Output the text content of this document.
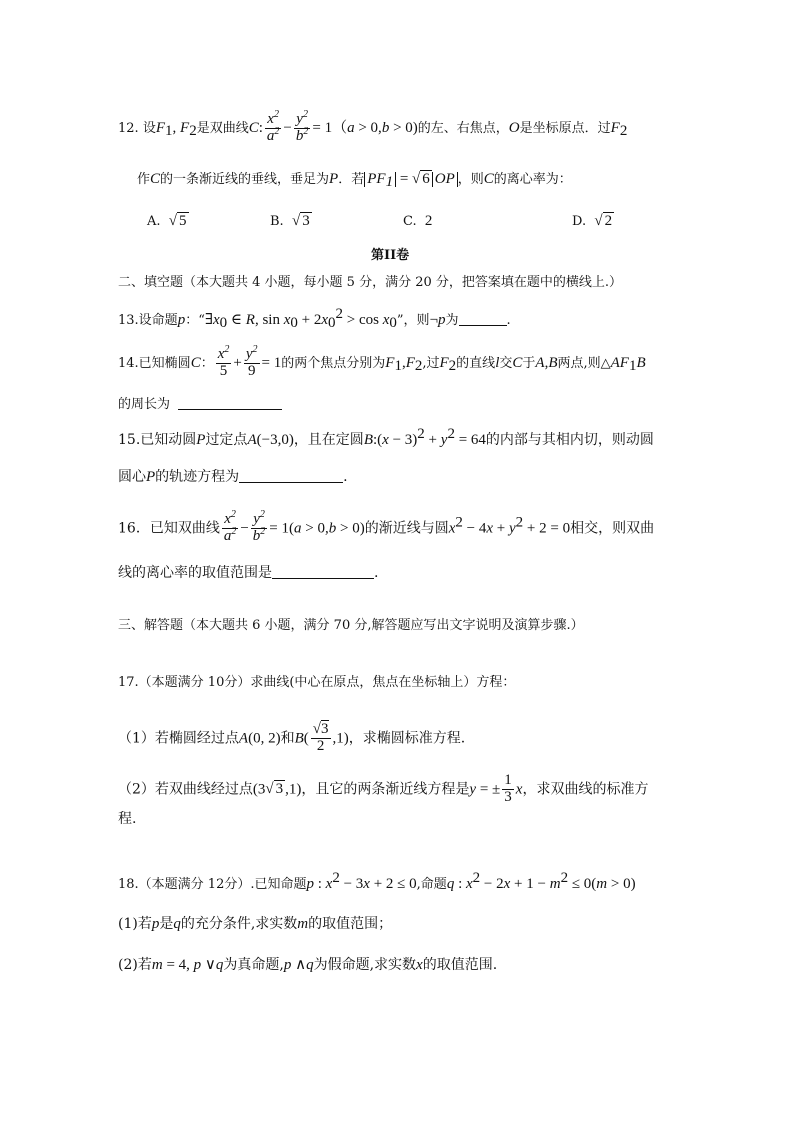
12. 设$F_1$, $F_2$是双曲线C: $\frac{x^2}{a^2} - \frac{y^2}{b^2} = 1(a > 0,b > 0)$的左、右焦点，O是坐标原点．过$F_2$
作C的一条渐近线的垂线，垂足为P．若 $PF_1$ = √ 6 OP ，则C的离心率为：
A. √ 5	B. √ 3	C. 2	D. √ 2
第II卷
二、填空题（本大题共 4 小题，每小题 5 分，满分 20 分，把答案填在题中的横线上.）
13.设命题p：“$\exists x_0$ ∈ R, $\sin x_0 + 2x_0^2 > \cos x_0$”，则¬p为	.
14.已知椭圆C： $\frac{x^2}{5} + \frac{y^2}{9} = 1$的两个焦点分别为$F_1,F_2$,过$F_2$的直线l交C于A,B两点,则$\triangle AF_1B$
的周长为
15.已知动圆P过定点A(−3,0)，且在定圆B:(x − $3)^2 + y^2 = 64$的内部与其相内切，则动圆
圆心P的轨迹方程为	.
16．已知双曲线 $\frac{x^2}{a^2} - \frac{y^2}{b^2} = 1(a > 0,b > 0)$的渐近线与圆$x^2 - 4x + y^2 + 2 = 0$相交，则双曲
线的离心率的取值范围是	.
三、解答题（本大题共 6 小题，满分 70 分,解答题应写出文字说明及演算步骤.）
17.（本题满分 10分）求曲线(中心在原点，焦点在坐标轴上）方程：
（1）若椭圆经过点A(0, 2)和$B( \frac{√3}{2} ,1)$，求椭圆标准方程.
（2）若双曲线经过点(3√ 3 ,1)，且它的两条渐近线方程是y = ± $\frac{1}{3}$ x，求双曲线的标准方
程.
18.（本题满分 12分）.已知命题p : $x^2 - 3x + 2 \le 0$,命题q : $x^2 - 2x + 1 - m^2 \le 0(m > 0)$
(1)若p是q的充分条件,求实数m的取值范围；
(2)若m = 4, p ∨q为真命题,p ∧q为假命题,求实数x的取值范围.
